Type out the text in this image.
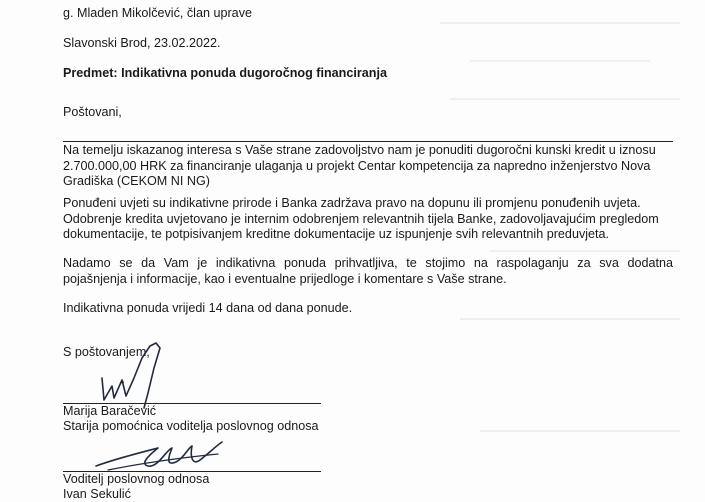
g. Mladen Mikolčević, član uprave
Slavonski Brod, 23.02.2022.
Predmet: Indikativna ponuda dugoročnog financiranja
Poštovani,
Na temelju iskazanog interesa s Vaše strane zadovoljstvo nam je ponuditi dugoročni kunski kredit u iznosu
2.700.000,00 HRK za financiranje ulaganja u projekt Centar kompetencija za napredno inženjerstvo Nova
Gradiška (CEKOM NI NG)
Ponuđeni uvjeti su indikativne prirode i Banka zadržava pravo na dopunu ili promjenu ponuđenih uvjeta.
Odobrenje kredita uvjetovano je internim odobrenjem relevantnih tijela Banke, zadovoljavajućim pregledom
dokumentacije, te potpisivanjem kreditne dokumentacije uz ispunjenje svih relevantnih preduvjeta.
Nadamo se da Vam je indikativna ponuda prihvatljiva, te stojimo na raspolaganju za sva dodatna
pojašnjenja i informacije, kao i eventualne prijedloge i komentare s Vaše strane.
Indikativna ponuda vrijedi 14 dana od dana ponude.
S poštovanjem,
Marija Baračević
Starija pomoćnica voditelja poslovnog odnosa
Voditelj poslovnog odnosa
Ivan Sekulić
